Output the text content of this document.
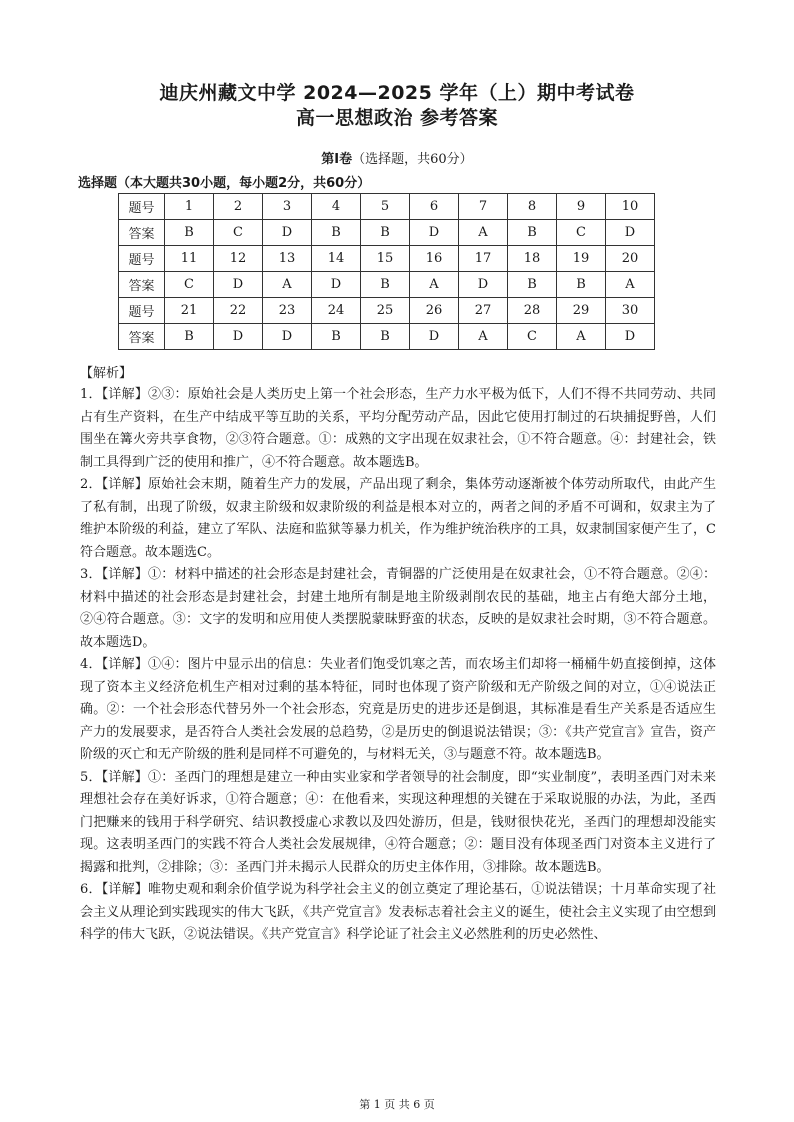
迪庆州藏文中学 2024—2025 学年（上）期中考试卷
高一思想政治 参考答案
第Ⅰ卷（选择题，共60分）
选择题（本大题共30小题，每小题2分，共60分）
题号	1	2	3	4	5	6	7	8	9	10
答案	B	C	D	B	B	D	A	B	C	D
题号	11	12	13	14	15	16	17	18	19	20
答案	C	D	A	D	B	A	D	B	B	A
题号	21	22	23	24	25	26	27	28	29	30
答案	B	D	D	B	B	D	A	C	A	D
【解析】

1．【详解】②③：原始社会是人类历史上第一个社会形态，生产力水平极为低下，人们不得不共同劳动、共同占有生产资料，在生产中结成平等互助的关系，平均分配劳动产品，因此它使用打制过的石块捕捉野兽，人们围坐在篝火旁共享食物，②③符合题意。①：成熟的文字出现在奴隶社会，①不符合题意。④：封建社会，铁制工具得到广泛的使用和推广，④不符合题意。故本题选B。

2．【详解】原始社会末期，随着生产力的发展，产品出现了剩余，集体劳动逐渐被个体劳动所取代，由此产生了私有制，出现了阶级，奴隶主阶级和奴隶阶级的利益是根本对立的，两者之间的矛盾不可调和，奴隶主为了维护本阶级的利益，建立了军队、法庭和监狱等暴力机关，作为维护统治秩序的工具，奴隶制国家便产生了，C符合题意。故本题选C。

3．【详解】①：材料中描述的社会形态是封建社会，青铜器的广泛使用是在奴隶社会，①不符合题意。②④：材料中描述的社会形态是封建社会，封建土地所有制是地主阶级剥削农民的基础，地主占有绝大部分土地，②④符合题意。③：文字的发明和应用使人类摆脱蒙昧野蛮的状态，反映的是奴隶社会时期，③不符合题意。故本题选D。

4．【详解】①④：图片中显示出的信息：失业者们饱受饥寒之苦，而农场主们却将一桶桶牛奶直接倒掉，这体现了资本主义经济危机生产相对过剩的基本特征，同时也体现了资产阶级和无产阶级之间的对立，①④说法正确。②：一个社会形态代替另外一个社会形态，究竟是历史的进步还是倒退，其标准是看生产关系是否适应生产力的发展要求，是否符合人类社会发展的总趋势，②是历史的倒退说法错误；③：《共产党宣言》宣告，资产阶级的灭亡和无产阶级的胜利是同样不可避免的，与材料无关，③与题意不符。故本题选B。

5．【详解】①：圣西门的理想是建立一种由实业家和学者领导的社会制度，即“实业制度”，表明圣西门对未来理想社会存在美好诉求，①符合题意；④：在他看来，实现这种理想的关键在于采取说服的办法，为此，圣西门把赚来的钱用于科学研究、结识教授虚心求教以及四处游历，但是，钱财很快花光，圣西门的理想却没能实现。这表明圣西门的实践不符合人类社会发展规律，④符合题意；②：题目没有体现圣西门对资本主义进行了揭露和批判，②排除；③：圣西门并未揭示人民群众的历史主体作用，③排除。故本题选B。

6．【详解】唯物史观和剩余价值学说为科学社会主义的创立奠定了理论基石，①说法错误；十月革命实现了社会主义从理论到实践现实的伟大飞跃，《共产党宣言》发表标志着社会主义的诞生，使社会主义实现了由空想到科学的伟大飞跃，②说法错误。《共产党宣言》科学论证了社会主义必然胜利的历史必然性、

第 1 页 共 6 页
